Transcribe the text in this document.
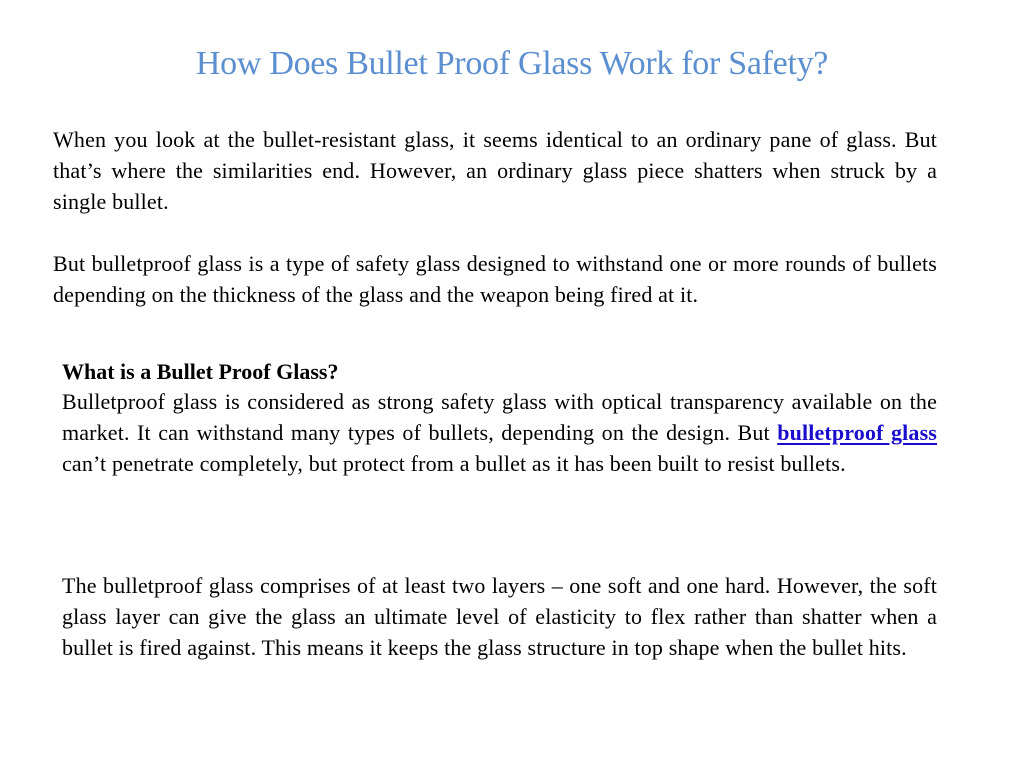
How Does Bullet Proof Glass Work for Safety?

When you look at the bullet-resistant glass, it seems identical to an ordinary pane of glass. But that’s where the similarities end. However, an ordinary glass piece shatters when struck by a single bullet.

But bulletproof glass is a type of safety glass designed to withstand one or more rounds of bullets depending on the thickness of the glass and the weapon being fired at it.

What is a Bullet Proof Glass?

Bulletproof glass is considered as strong safety glass with optical transparency available on the market. It can withstand many types of bullets, depending on the design. But bulletproof glass can’t penetrate completely, but protect from a bullet as it has been built to resist bullets.

The bulletproof glass comprises of at least two layers – one soft and one hard. However, the soft glass layer can give the glass an ultimate level of elasticity to flex rather than shatter when a bullet is fired against. This means it keeps the glass structure in top shape when the bullet hits.
